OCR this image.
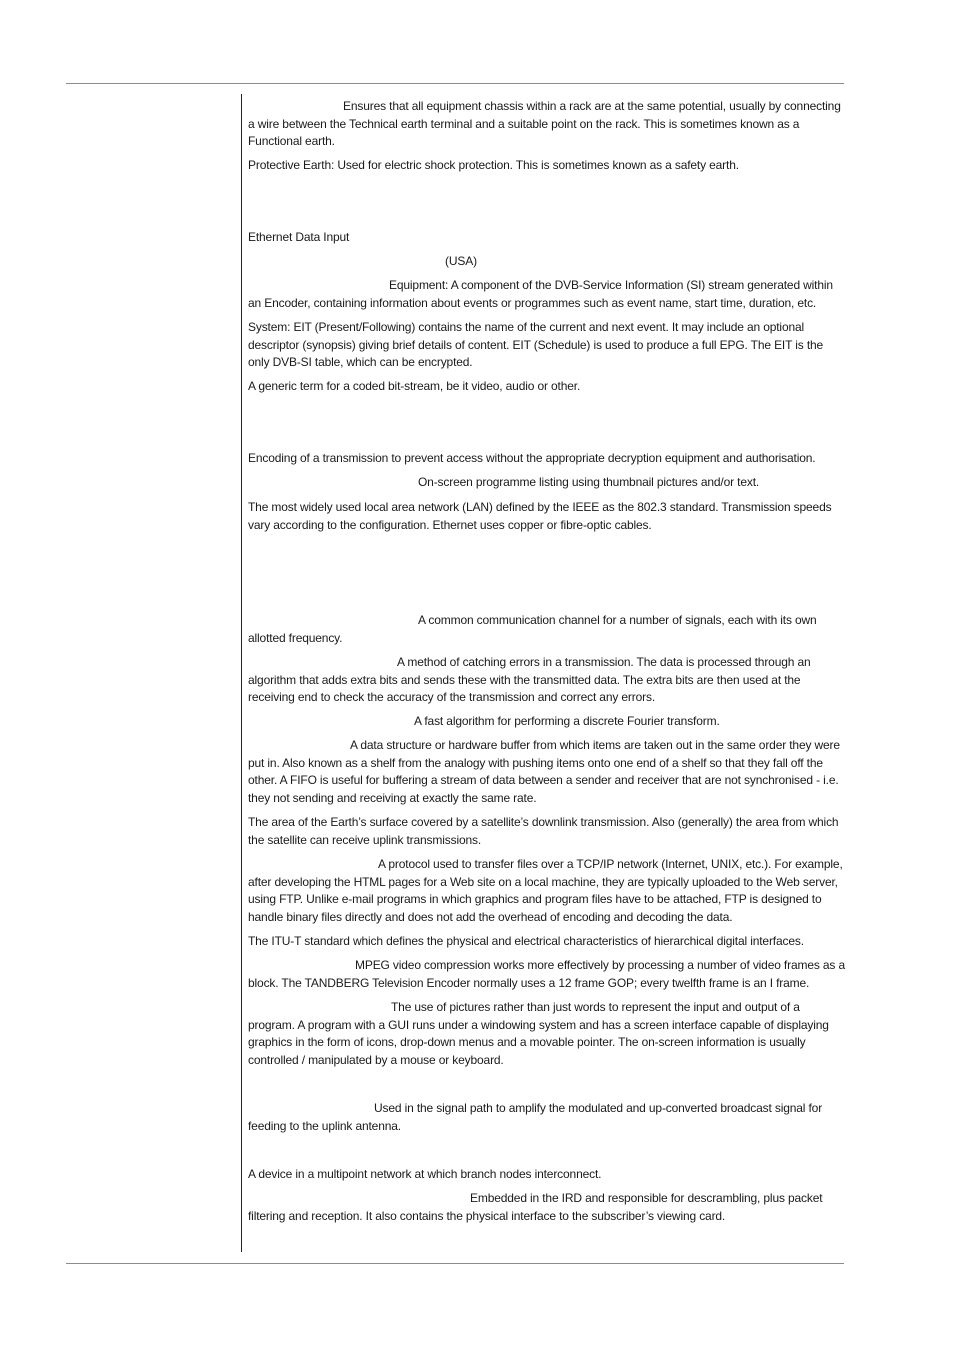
Ensures that all equipment chassis within a rack are at the same potential, usually by connecting a wire between the Technical earth terminal and a suitable point on the rack. This is sometimes known as a Functional earth.
Protective Earth: Used for electric shock protection. This is sometimes known as a safety earth.
Ethernet Data Input
(USA)
Equipment: A component of the DVB-Service Information (SI) stream generated within an Encoder, containing information about events or programmes such as event name, start time, duration, etc.
System: EIT (Present/Following) contains the name of the current and next event. It may include an optional descriptor (synopsis) giving brief details of content. EIT (Schedule) is used to produce a full EPG. The EIT is the only DVB-SI table, which can be encrypted.
A generic term for a coded bit-stream, be it video, audio or other.
Encoding of a transmission to prevent access without the appropriate decryption equipment and authorisation.
On-screen programme listing using thumbnail pictures and/or text.
The most widely used local area network (LAN) defined by the IEEE as the 802.3 standard. Transmission speeds vary according to the configuration. Ethernet uses copper or fibre-optic cables.
A common communication channel for a number of signals, each with its own allotted frequency.
A method of catching errors in a transmission. The data is processed through an algorithm that adds extra bits and sends these with the transmitted data. The extra bits are then used at the receiving end to check the accuracy of the transmission and correct any errors.
A fast algorithm for performing a discrete Fourier transform.
A data structure or hardware buffer from which items are taken out in the same order they were put in. Also known as a shelf from the analogy with pushing items onto one end of a shelf so that they fall off the other. A FIFO is useful for buffering a stream of data between a sender and receiver that are not synchronised - i.e. they not sending and receiving at exactly the same rate.
The area of the Earth’s surface covered by a satellite’s downlink transmission. Also (generally) the area from which the satellite can receive uplink transmissions.
A protocol used to transfer files over a TCP/IP network (Internet, UNIX, etc.). For example, after developing the HTML pages for a Web site on a local machine, they are typically uploaded to the Web server, using FTP. Unlike e-mail programs in which graphics and program files have to be attached, FTP is designed to handle binary files directly and does not add the overhead of encoding and decoding the data.
The ITU-T standard which defines the physical and electrical characteristics of hierarchical digital interfaces.
MPEG video compression works more effectively by processing a number of video frames as a block. The TANDBERG Television Encoder normally uses a 12 frame GOP; every twelfth frame is an I frame.
The use of pictures rather than just words to represent the input and output of a program. A program with a GUI runs under a windowing system and has a screen interface capable of displaying graphics in the form of icons, drop-down menus and a movable pointer. The on-screen information is usually controlled / manipulated by a mouse or keyboard.
Used in the signal path to amplify the modulated and up-converted broadcast signal for feeding to the uplink antenna.
A device in a multipoint network at which branch nodes interconnect.
Embedded in the IRD and responsible for descrambling, plus packet filtering and reception. It also contains the physical interface to the subscriber’s viewing card.
